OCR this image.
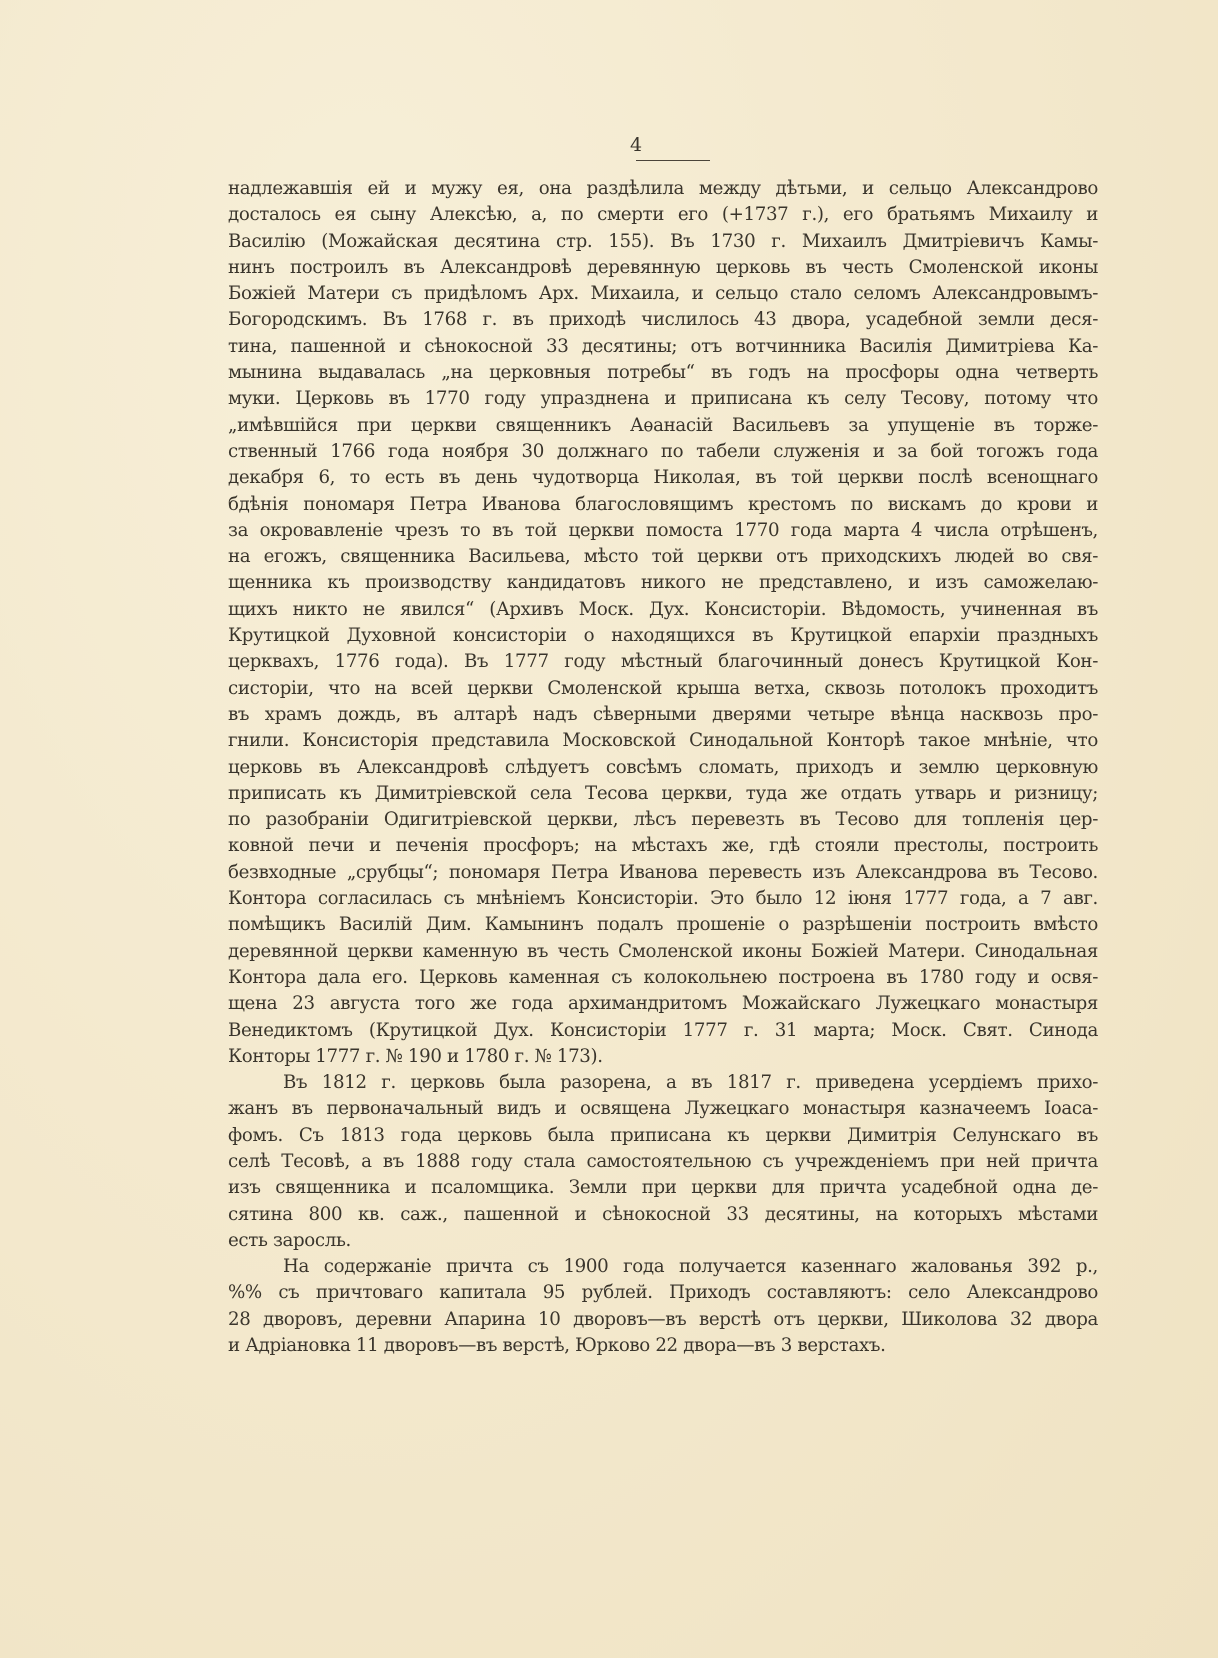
4
надлежавшія ей и мужу ея, она раздѣлила между дѣтьми, и сельцо Александрово
досталось ея сыну Алексѣю, а, по смерти его (+1737 г.), его братьямъ Михаилу и
Василію (Можайская десятина стр. 155). Въ 1730 г. Михаилъ Дмитріевичъ Камы-
нинъ построилъ въ Александровѣ деревянную церковь въ честь Смоленской иконы
Божіей Матери съ придѣломъ Арх. Михаила, и сельцо стало селомъ Александровымъ-
Богородскимъ. Въ 1768 г. въ приходѣ числилось 43 двора, усадебной земли деся-
тина, пашенной и сѣнокосной 33 десятины; отъ вотчинника Василія Димитріева Ка-
мынина выдавалась „на церковныя потребы“ въ годъ на просфоры одна четверть
муки. Церковь въ 1770 году упразднена и приписана къ селу Тесову, потому что
„имѣвшійся при церкви священникъ Аѳанасій Васильевъ за упущеніе въ торже-
ственный 1766 года ноября 30 должнаго по табели служенія и за бой тогожъ года
декабря 6, то есть въ день чудотворца Николая, въ той церкви послѣ всенощнаго
бдѣнія пономаря Петра Иванова благословящимъ крестомъ по вискамъ до крови и
за окровавленіе чрезъ то въ той церкви помоста 1770 года марта 4 числа отрѣшенъ,
на егожъ, священника Васильева, мѣсто той церкви отъ приходскихъ людей во свя-
щенника къ производству кандидатовъ никого не представлено, и изъ саможелаю-
щихъ никто не явился“ (Архивъ Моск. Дух. Консисторіи. Вѣдомость, учиненная въ
Крутицкой Духовной консисторіи о находящихся въ Крутицкой епархіи праздныхъ
церквахъ, 1776 года). Въ 1777 году мѣстный благочинный донесъ Крутицкой Кон-
систоріи, что на всей церкви Смоленской крыша ветха, сквозь потолокъ проходитъ
въ храмъ дождь, въ алтарѣ надъ сѣверными дверями четыре вѣнца насквозь про-
гнили. Консисторія представила Московской Синодальной Конторѣ такое мнѣніе, что
церковь въ Александровѣ слѣдуетъ совсѣмъ сломать, приходъ и землю церковную
приписать къ Димитріевской села Тесова церкви, туда же отдать утварь и ризницу;
по разобраніи Одигитріевской церкви, лѣсъ перевезть въ Тесово для топленія цер-
ковной печи и печенія просфоръ; на мѣстахъ же, гдѣ стояли престолы, построить
безвходные „срубцы“; пономаря Петра Иванова перевесть изъ Александрова въ Тесово.
Контора согласилась съ мнѣніемъ Консисторіи. Это было 12 іюня 1777 года, а 7 авг.
помѣщикъ Василій Дим. Камынинъ подалъ прошеніе о разрѣшеніи построить вмѣсто
деревянной церкви каменную въ честь Смоленской иконы Божіей Матери. Синодальная
Контора дала его. Церковь каменная съ колокольнею построена въ 1780 году и освя-
щена 23 августа того же года архимандритомъ Можайскаго Лужецкаго монастыря
Венедиктомъ (Крутицкой Дух. Консисторіи 1777 г. 31 марта; Моск. Свят. Синода
Конторы 1777 г. № 190 и 1780 г. № 173).
Въ 1812 г. церковь была разорена, а въ 1817 г. приведена усердіемъ прихо-
жанъ въ первоначальный видъ и освящена Лужецкаго монастыря казначеемъ Іоаса-
фомъ. Съ 1813 года церковь была приписана къ церкви Димитрія Селунскаго въ
селѣ Тесовѣ, а въ 1888 году стала самостоятельною съ учрежденіемъ при ней причта
изъ священника и псаломщика. Земли при церкви для причта усадебной одна де-
сятина 800 кв. саж., пашенной и сѣнокосной 33 десятины, на которыхъ мѣстами
есть заросль.
На содержаніе причта съ 1900 года получается казеннаго жалованья 392 р.,
%% съ причтоваго капитала 95 рублей. Приходъ составляютъ: село Александрово
28 дворовъ, деревни Апарина 10 дворовъ—въ верстѣ отъ церкви, Шиколова 32 двора
и Адріановка 11 дворовъ—въ верстѣ, Юрково 22 двора—въ 3 верстахъ.
